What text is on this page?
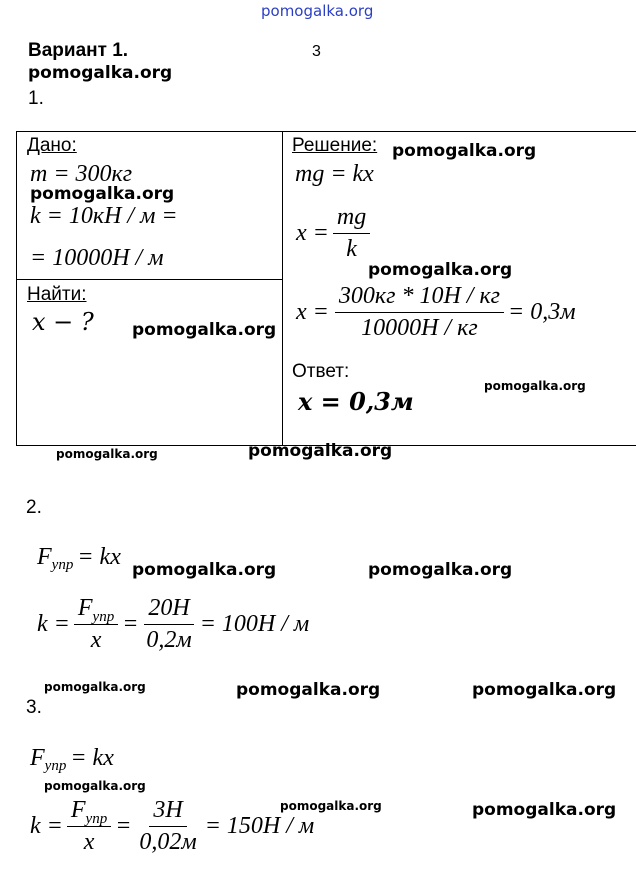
pomogalka.org
Вариант 1.	3
pomogalka.org
1.
Дано:
m = 300кг
pomogalka.org
k = 10кН / м =
= 10000Н / м
Найти:
x − ? pomogalka.org
Решение: pomogalka.org
mg = kx
$x = \frac{mg}{k}$
pomogalka.org
$x = \frac{300кг * 10Н / кг}{10000Н / кг} = 0,3м$
Ответ:
x = 0,3м
pomogalka.org
pomogalka.org	pomogalka.org
2.
F упр = kx pomogalka.org	pomogalka.org
$k = \frac{F_{упр}}{x} = \frac{20Н}{0,2м} = 100Н / м$
pomogalka.org	pomogalka.org	pomogalka.org
3.
F упр = kx
pomogalka.org
pomogalka.org	pomogalka.org
$k = \frac{F_{упр}}{x} = \frac{3Н}{0,02м} = 150Н / м$
